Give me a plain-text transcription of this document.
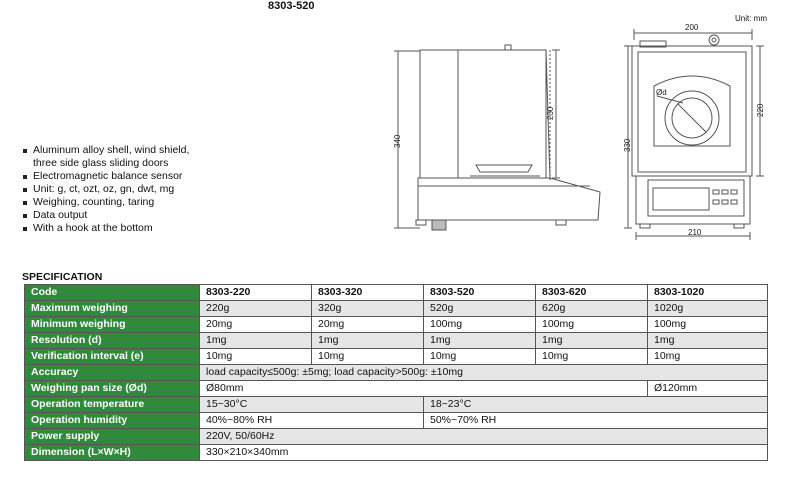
8303-520
Unit: mm
340
230
200
210
330
220
Ød
Aluminum alloy shell, wind shield,
three side glass sliding doors
Electromagnetic balance sensor
Unit: g, ct, ozt, oz, gn, dwt, mg
Weighing, counting, taring
Data output
With a hook at the bottom
SPECIFICATION
Code	8303-220	8303-320	8303-520	8303-620	8303-1020
Maximum weighing	220g	320g	520g	620g	1020g
Minimum weighing	20mg	20mg	100mg	100mg	100mg
Resolution (d)	1mg	1mg	1mg	1mg	1mg
Verification interval (e)	10mg	10mg	10mg	10mg	10mg
Accuracy	load capacity≤500g: ±5mg; load capacity>500g: ±10mg				
Weighing pan size (Ød)	Ø80mm				Ø120mm
Operation temperature	15~30°C		18~23°C		
Operation humidity	40%~80% RH		50%~70% RH		
Power supply	220V, 50/60Hz				
Dimension (L×W×H)	330×210×340mm				
